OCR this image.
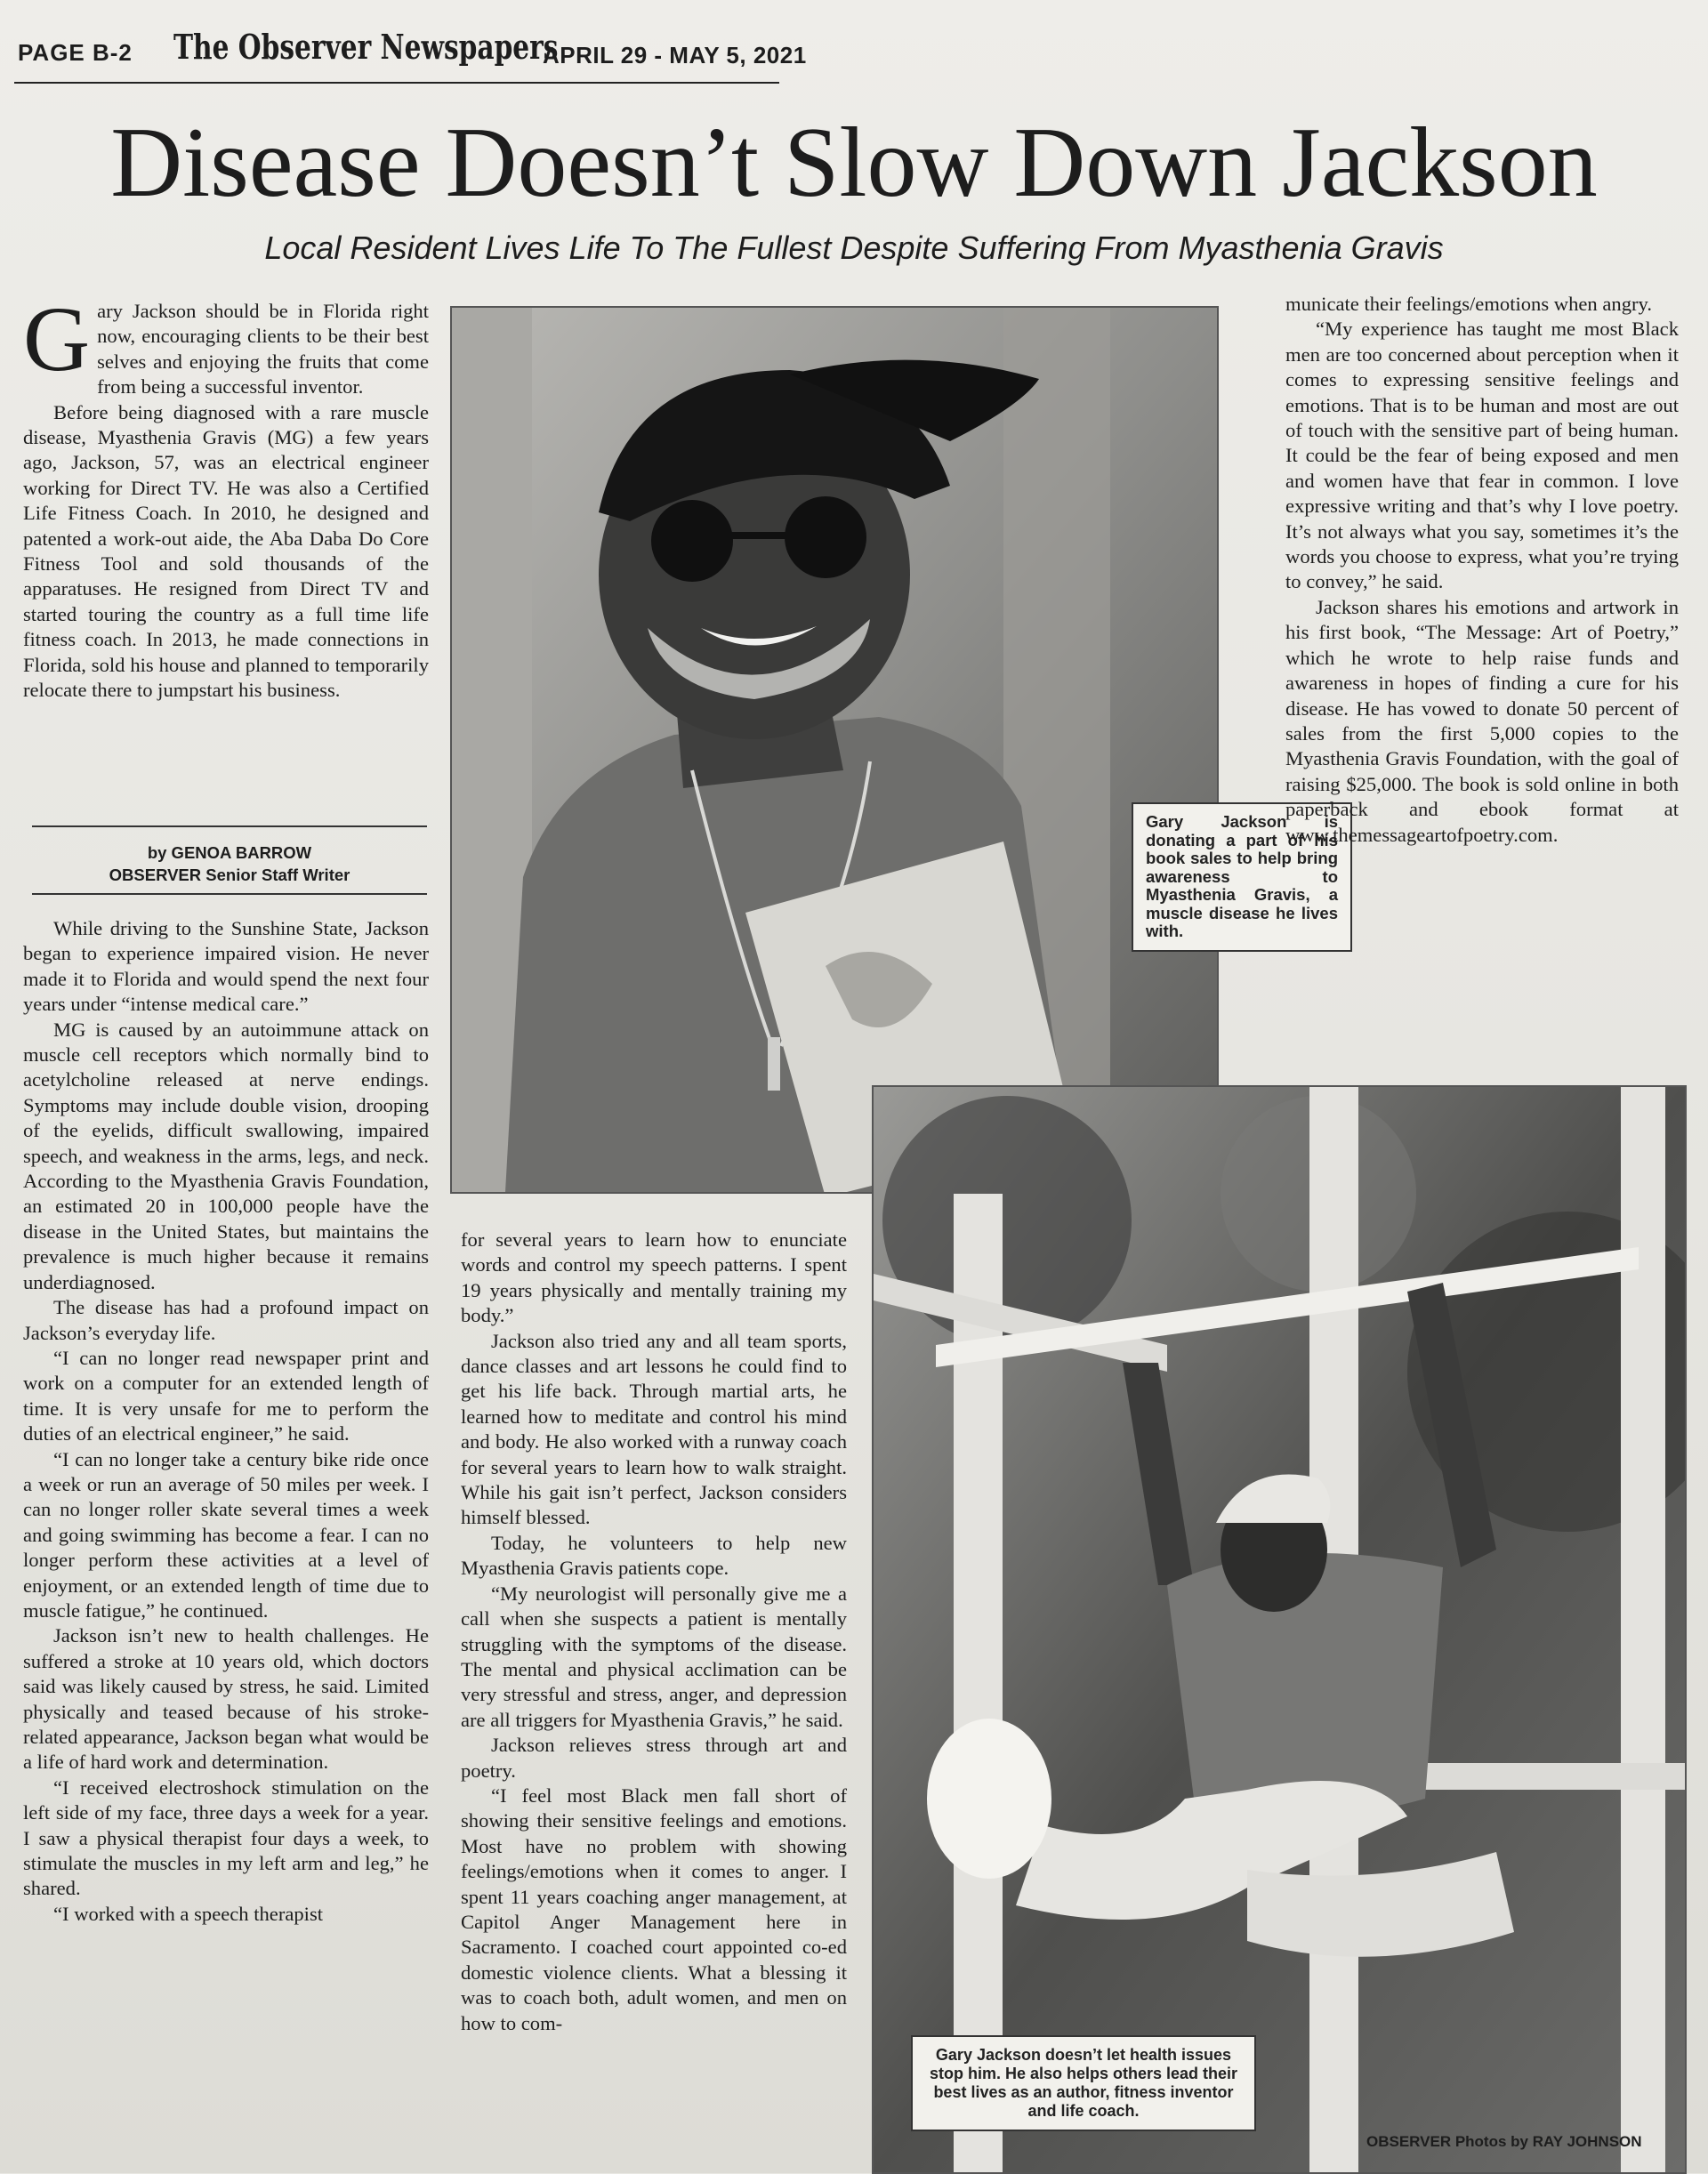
PAGE B-2 The Observer Newspapers
APRIL 29 - MAY 5, 2021
Disease Doesn’t Slow Down Jackson
Local Resident Lives Life To The Fullest Despite Suffering From Myasthenia Gravis

Gary Jackson should be in Florida right now, encouraging clients to be their best selves and enjoying the fruits that come from being a successful inventor.

Before being diagnosed with a rare muscle disease, Myasthenia Gravis (MG) a few years ago, Jackson, 57, was an electrical engineer working for Direct TV. He was also a Certified Life Fitness Coach. In 2010, he designed and patented a work-out aide, the Aba Daba Do Core Fitness Tool and sold thousands of the apparatuses. He resigned from Direct TV and started touring the country as a full time life fitness coach. In 2013, he made connections in Florida, sold his house and planned to temporarily relocate there to jumpstart his business.

by GENOA BARROW
OBSERVER Senior Staff Writer

While driving to the Sunshine State, Jackson began to experience impaired vision. He never made it to Florida and would spend the next four years under “intense medical care.”

MG is caused by an autoimmune attack on muscle cell receptors which normally bind to acetylcholine released at nerve endings. Symptoms may include double vision, drooping of the eyelids, difficult swallowing, impaired speech, and weakness in the arms, legs, and neck. According to the Myasthenia Gravis Foundation, an estimated 20 in 100,000 people have the disease in the United States, but maintains the prevalence is much higher because it remains underdiagnosed.

The disease has had a profound impact on Jackson’s everyday life.

“I can no longer read newspaper print and work on a computer for an extended length of time. It is very unsafe for me to perform the duties of an electrical engineer,” he said.

“I can no longer take a century bike ride once a week or run an average of 50 miles per week. I can no longer roller skate several times a week and going swimming has become a fear. I can no longer perform these activities at a level of enjoyment, or an extended length of time due to muscle fatigue,” he continued.

Jackson isn’t new to health challenges. He suffered a stroke at 10 years old, which doctors said was likely caused by stress, he said. Limited physically and teased because of his stroke-related appearance, Jackson began what would be a life of hard work and determination.

“I received electroshock stimulation on the left side of my face, three days a week for a year. I saw a physical therapist four days a week, to stimulate the muscles in my left arm and leg,” he shared.

“I worked with a speech therapist

Gary Jackson is donating a part of his book sales to help bring awareness to Myasthenia Gravis, a muscle disease he lives with.

municate their feelings/emotions when angry.

“My experience has taught me most Black men are too concerned about perception when it comes to expressing sensitive feelings and emotions. That is to be human and most are out of touch with the sensitive part of being human. It could be the fear of being exposed and men and women have that fear in common. I love expressive writing and that’s why I love poetry. It’s not always what you say, sometimes it’s the words you choose to express, what you’re trying to convey,” he said.

Jackson shares his emotions and artwork in his first book, “The Message: Art of Poetry,” which he wrote to help raise funds and awareness in hopes of finding a cure for his disease. He has vowed to donate 50 percent of sales from the first 5,000 copies to the Myasthenia Gravis Foundation, with the goal of raising $25,000. The book is sold online in both paperback and ebook format at www.themessageartofpoetry.com.

for several years to learn how to enunciate words and control my speech patterns. I spent 19 years physically and mentally training my body.”

Jackson also tried any and all team sports, dance classes and art lessons he could find to get his life back. Through martial arts, he learned how to meditate and control his mind and body. He also worked with a runway coach for several years to learn how to walk straight. While his gait isn’t perfect, Jackson considers himself blessed.

Today, he volunteers to help new Myasthenia Gravis patients cope.

“My neurologist will personally give me a call when she suspects a patient is mentally struggling with the symptoms of the disease. The mental and physical acclimation can be very stressful and stress, anger, and depression are all triggers for Myasthenia Gravis,” he said.

Jackson relieves stress through art and poetry.

“I feel most Black men fall short of showing their sensitive feelings and emotions. Most have no problem with showing feelings/emotions when it comes to anger. I spent 11 years coaching anger management, at Capitol Anger Management here in Sacramento. I coached court appointed co-ed domestic violence clients. What a blessing it was to coach both, adult women, and men on how to com-

Gary Jackson doesn’t let health issues stop him. He also helps others lead their best lives as an author, fitness inventor and life coach.
OBSERVER Photos by RAY JOHNSON
